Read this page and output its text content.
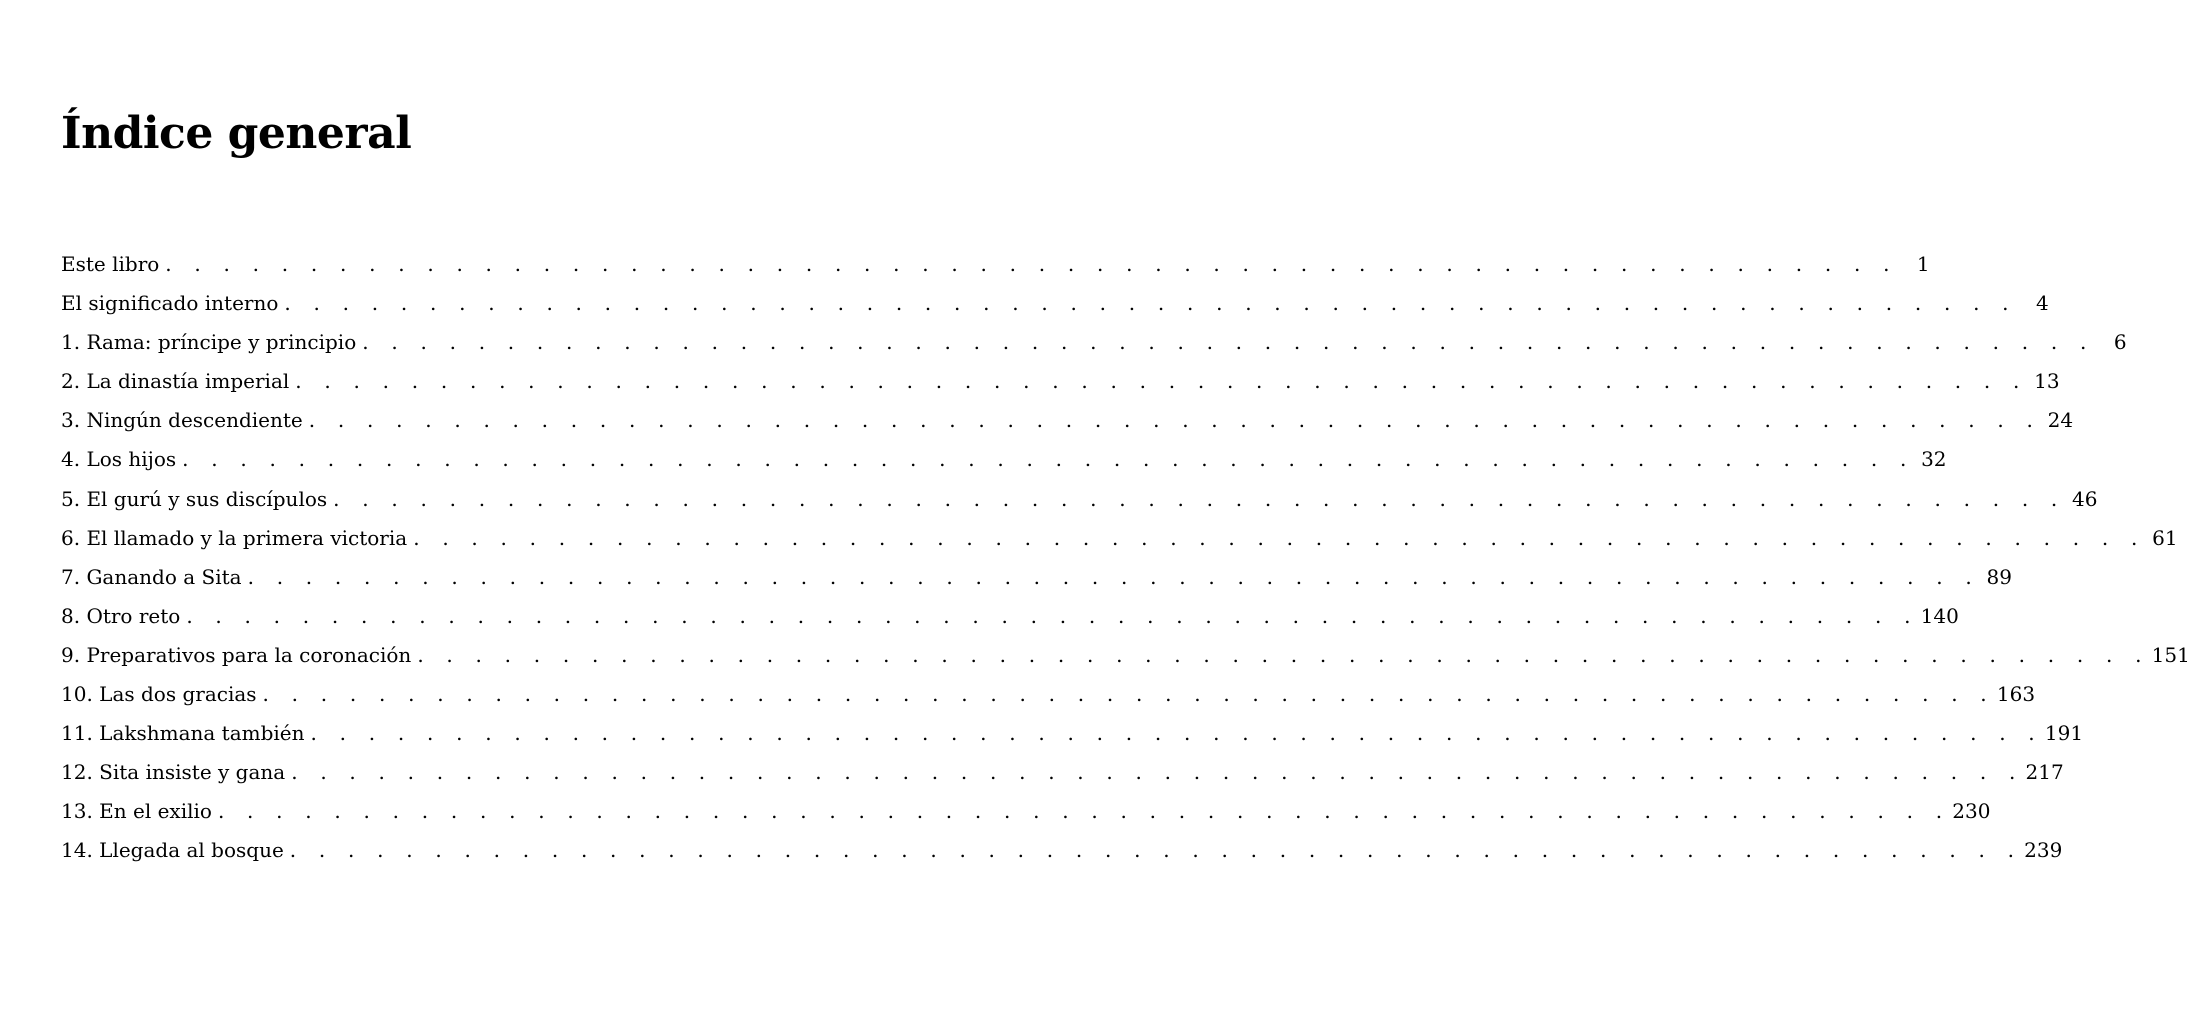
Índice general
Este libro . . . . . . . . . . . . . . . . . . . . . . . . . . . . . . . . . . . . . . . . . . . . . . . . . . . . . . . . . . . . 1
El significado interno . . . . . . . . . . . . . . . . . . . . . . . . . . . . . . . . . . . . . . . . . . . . . . . . . . . . . . . . . . . . 4
1. Rama: príncipe y principio . . . . . . . . . . . . . . . . . . . . . . . . . . . . . . . . . . . . . . . . . . . . . . . . . . . . . . . . . . . . 6
2. La dinastía imperial . . . . . . . . . . . . . . . . . . . . . . . . . . . . . . . . . . . . . . . . . . . . . . . . . . . . . . . . . . . . 13
3. Ningún descendiente . . . . . . . . . . . . . . . . . . . . . . . . . . . . . . . . . . . . . . . . . . . . . . . . . . . . . . . . . . . . 24
4. Los hijos . . . . . . . . . . . . . . . . . . . . . . . . . . . . . . . . . . . . . . . . . . . . . . . . . . . . . . . . . . . . 32
5. El gurú y sus discípulos . . . . . . . . . . . . . . . . . . . . . . . . . . . . . . . . . . . . . . . . . . . . . . . . . . . . . . . . . . . . 46
6. El llamado y la primera victoria . . . . . . . . . . . . . . . . . . . . . . . . . . . . . . . . . . . . . . . . . . . . . . . . . . . . . . . . . . . . 61
7. Ganando a Sita . . . . . . . . . . . . . . . . . . . . . . . . . . . . . . . . . . . . . . . . . . . . . . . . . . . . . . . . . . . . 89
8. Otro reto . . . . . . . . . . . . . . . . . . . . . . . . . . . . . . . . . . . . . . . . . . . . . . . . . . . . . . . . . . . . 140
9. Preparativos para la coronación . . . . . . . . . . . . . . . . . . . . . . . . . . . . . . . . . . . . . . . . . . . . . . . . . . . . . . . . . . . . 151
10. Las dos gracias . . . . . . . . . . . . . . . . . . . . . . . . . . . . . . . . . . . . . . . . . . . . . . . . . . . . . . . . . . . . 163
11. Lakshmana también . . . . . . . . . . . . . . . . . . . . . . . . . . . . . . . . . . . . . . . . . . . . . . . . . . . . . . . . . . . . 191
12. Sita insiste y gana . . . . . . . . . . . . . . . . . . . . . . . . . . . . . . . . . . . . . . . . . . . . . . . . . . . . . . . . . . . . 217
13. En el exilio . . . . . . . . . . . . . . . . . . . . . . . . . . . . . . . . . . . . . . . . . . . . . . . . . . . . . . . . . . . . 230
14. Llegada al bosque . . . . . . . . . . . . . . . . . . . . . . . . . . . . . . . . . . . . . . . . . . . . . . . . . . . . . . . . . . . . 239
